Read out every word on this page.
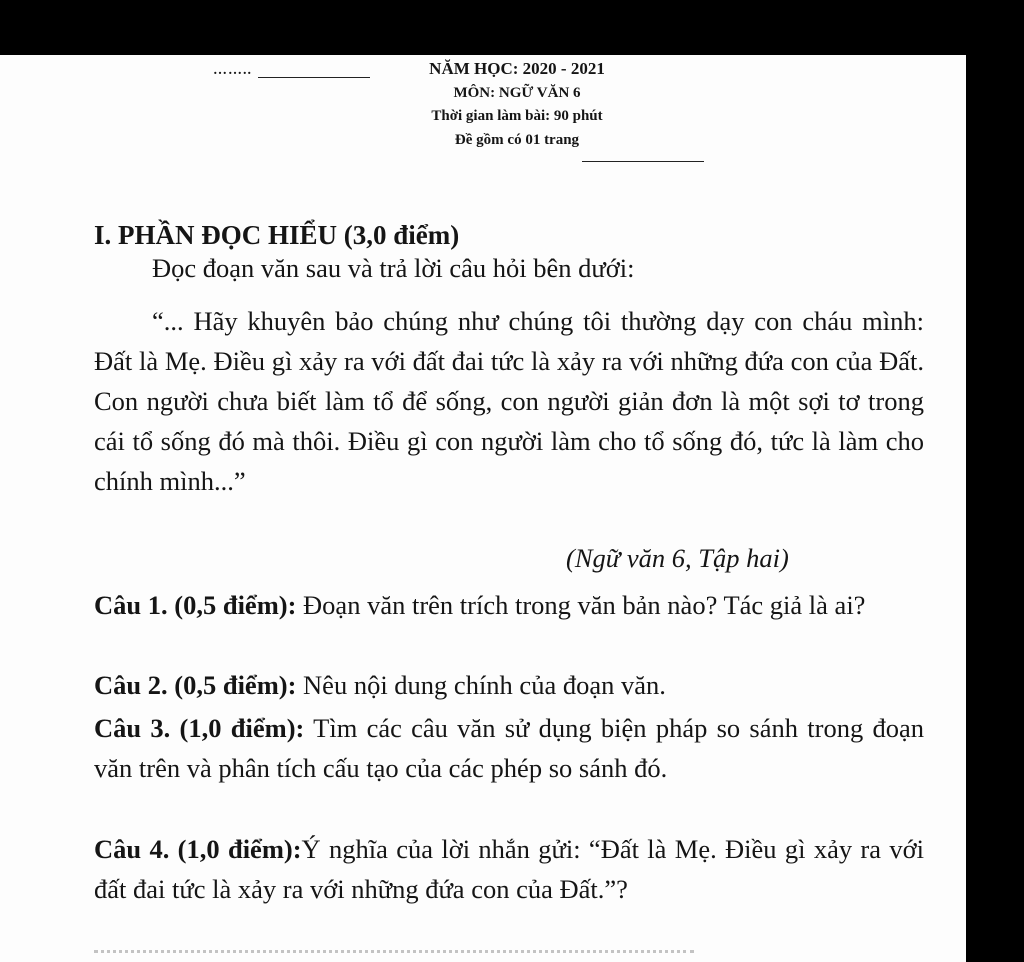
……..	NĂM HỌC: 2020 - 2021
MÔN: NGỮ VĂN 6
Thời gian làm bài: 90 phút
Đề gồm có 01 trang
I. PHẦN ĐỌC HIỂU (3,0 điểm)
Đọc đoạn văn sau và trả lời câu hỏi bên dưới:

“... Hãy khuyên bảo chúng như chúng tôi thường dạy con cháu mình: Đất là Mẹ. Điều gì xảy ra với đất đai tức là xảy ra với những đứa con của Đất. Con người chưa biết làm tổ để sống, con người giản đơn là một sợi tơ trong cái tổ sống đó mà thôi. Điều gì con người làm cho tổ sống đó, tức là làm cho chính mình...”

(Ngữ văn 6, Tập hai)

Câu 1. (0,5 điểm): Đoạn văn trên trích trong văn bản nào? Tác giả là ai?

Câu 2. (0,5 điểm): Nêu nội dung chính của đoạn văn.

Câu 3. (1,0 điểm): Tìm các câu văn sử dụng biện pháp so sánh trong đoạn văn trên và phân tích cấu tạo của các phép so sánh đó.

Câu 4. (1,0 điểm):Ý nghĩa của lời nhắn gửi: “Đất là Mẹ. Điều gì xảy ra với đất đai tức là xảy ra với những đứa con của Đất.”?
